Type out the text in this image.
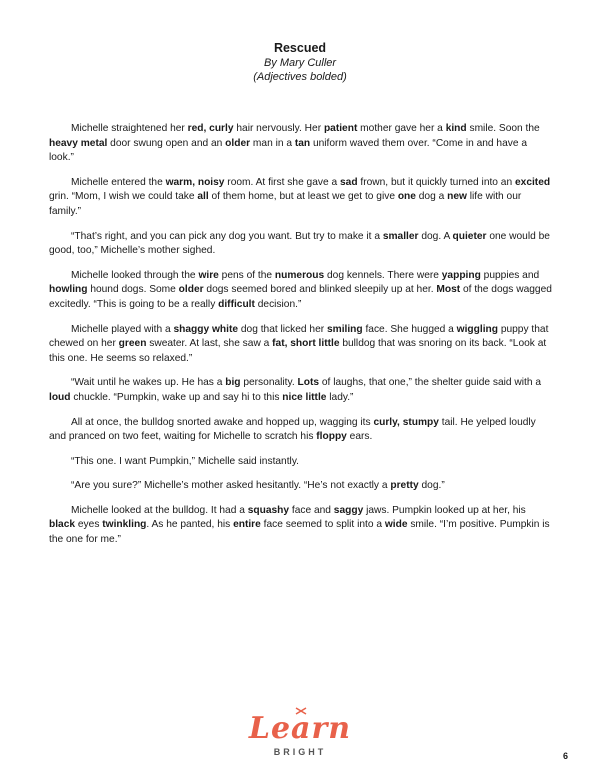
Rescued

By Mary Culler

(Adjectives bolded)

Michelle straightened her red, curly hair nervously. Her patient mother gave her a kind smile. Soon the heavy metal door swung open and an older man in a tan uniform waved them over. “Come in and have a look.”

Michelle entered the warm, noisy room. At first she gave a sad frown, but it quickly turned into an excited grin. “Mom, I wish we could take all of them home, but at least we get to give one dog a new life with our family.”

“That’s right, and you can pick any dog you want. But try to make it a smaller dog. A quieter one would be good, too,” Michelle’s mother sighed.

Michelle looked through the wire pens of the numerous dog kennels. There were yapping puppies and howling hound dogs. Some older dogs seemed bored and blinked sleepily up at her. Most of the dogs wagged excitedly. “This is going to be a really difficult decision.”

Michelle played with a shaggy white dog that licked her smiling face. She hugged a wiggling puppy that chewed on her green sweater. At last, she saw a fat, short little bulldog that was snoring on its back. “Look at this one. He seems so relaxed.”

“Wait until he wakes up. He has a big personality. Lots of laughs, that one,” the shelter guide said with a loud chuckle. “Pumpkin, wake up and say hi to this nice little lady.”

All at once, the bulldog snorted awake and hopped up, wagging its curly, stumpy tail. He yelped loudly and pranced on two feet, waiting for Michelle to scratch his floppy ears.

“This one. I want Pumpkin,” Michelle said instantly.

“Are you sure?” Michelle’s mother asked hesitantly. “He’s not exactly a pretty dog.”

Michelle looked at the bulldog. It had a squashy face and saggy jaws. Pumpkin looked up at her, his black eyes twinkling. As he panted, his entire face seemed to split into a wide smile. “I’m positive. Pumpkin is the one for me.”

Learn
BRIGHT	6
